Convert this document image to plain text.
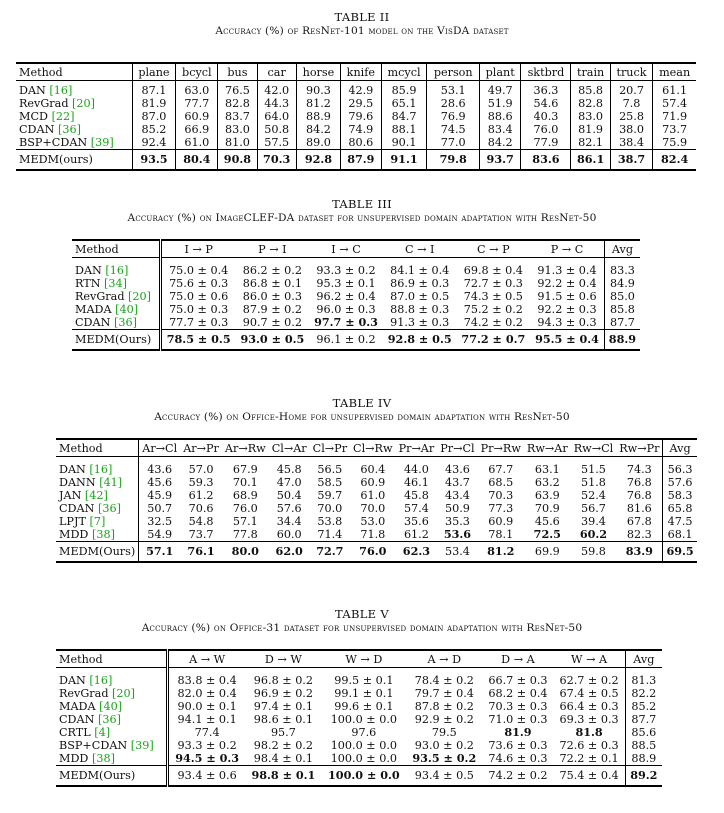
TABLE II
Accuracy (%) of ResNet-101 model on the VisDA dataset
Method	plane	bcycl	bus	car	horse	knife	mcycl	person	plant	sktbrd	train	truck	mean
DAN [16]	87.1	63.0	76.5	42.0	90.3	42.9	85.9	53.1	49.7	36.3	85.8	20.7	61.1
RevGrad [20]	81.9	77.7	82.8	44.3	81.2	29.5	65.1	28.6	51.9	54.6	82.8	7.8	57.4
MCD [22]	87.0	60.9	83.7	64.0	88.9	79.6	84.7	76.9	88.6	40.3	83.0	25.8	71.9
CDAN [36]	85.2	66.9	83.0	50.8	84.2	74.9	88.1	74.5	83.4	76.0	81.9	38.0	73.7
BSP+CDAN [39]	92.4	61.0	81.0	57.5	89.0	80.6	90.1	77.0	84.2	77.9	82.1	38.4	75.9
MEDM(ours)	93.5	80.4	90.8	70.3	92.8	87.9	91.1	79.8	93.7	83.6	86.1	38.7	82.4
TABLE III
Accuracy (%) on ImageCLEF-DA dataset for unsupervised domain adaptation with ResNet-50
Method	I → P	P → I	I → C	C → I	C → P	P → C	Avg
DAN [16]	75.0 ± 0.4	86.2 ± 0.2	93.3 ± 0.2	84.1 ± 0.4	69.8 ± 0.4	91.3 ± 0.4	83.3
RTN [34]	75.6 ± 0.3	86.8 ± 0.1	95.3 ± 0.1	86.9 ± 0.3	72.7 ± 0.3	92.2 ± 0.4	84.9
RevGrad [20]	75.0 ± 0.6	86.0 ± 0.3	96.2 ± 0.4	87.0 ± 0.5	74.3 ± 0.5	91.5 ± 0.6	85.0
MADA [40]	75.0 ± 0.3	87.9 ± 0.2	96.0 ± 0.3	88.8 ± 0.3	75.2 ± 0.2	92.2 ± 0.3	85.8
CDAN [36]	77.7 ± 0.3	90.7 ± 0.2	97.7 ± 0.3	91.3 ± 0.3	74.2 ± 0.2	94.3 ± 0.3	87.7
MEDM(Ours)	78.5 ± 0.5	93.0 ± 0.5	96.1 ± 0.2	92.8 ± 0.5	77.2 ± 0.7	95.5 ± 0.4	88.9
TABLE IV
Accuracy (%) on Office-Home for unsupervised domain adaptation with ResNet-50
Method	Ar→Cl	Ar→Pr	Ar→Rw	Cl→Ar	Cl→Pr	Cl→Rw	Pr→Ar	Pr→Cl	Pr→Rw	Rw→Ar	Rw→Cl	Rw→Pr	Avg
DAN [16]	43.6	57.0	67.9	45.8	56.5	60.4	44.0	43.6	67.7	63.1	51.5	74.3	56.3
DANN [41]	45.6	59.3	70.1	47.0	58.5	60.9	46.1	43.7	68.5	63.2	51.8	76.8	57.6
JAN [42]	45.9	61.2	68.9	50.4	59.7	61.0	45.8	43.4	70.3	63.9	52.4	76.8	58.3
CDAN [36]	50.7	70.6	76.0	57.6	70.0	70.0	57.4	50.9	77.3	70.9	56.7	81.6	65.8
LPJT [7]	32.5	54.8	57.1	34.4	53.8	53.0	35.6	35.3	60.9	45.6	39.4	67.8	47.5
MDD [38]	54.9	73.7	77.8	60.0	71.4	71.8	61.2	53.6	78.1	72.5	60.2	82.3	68.1
MEDM(Ours)	57.1	76.1	80.0	62.0	72.7	76.0	62.3	53.4	81.2	69.9	59.8	83.9	69.5
TABLE V
Accuracy (%) on Office-31 dataset for unsupervised domain adaptation with ResNet-50
Method	A → W	D → W	W → D	A → D	D → A	W → A	Avg
DAN [16]	83.8 ± 0.4	96.8 ± 0.2	99.5 ± 0.1	78.4 ± 0.2	66.7 ± 0.3	62.7 ± 0.2	81.3
RevGrad [20]	82.0 ± 0.4	96.9 ± 0.2	99.1 ± 0.1	79.7 ± 0.4	68.2 ± 0.4	67.4 ± 0.5	82.2
MADA [40]	90.0 ± 0.1	97.4 ± 0.1	99.6 ± 0.1	87.8 ± 0.2	70.3 ± 0.3	66.4 ± 0.3	85.2
CDAN [36]	94.1 ± 0.1	98.6 ± 0.1	100.0 ± 0.0	92.9 ± 0.2	71.0 ± 0.3	69.3 ± 0.3	87.7
CRTL [4]	77.4	95.7	97.6	79.5	81.9	81.8	85.6
BSP+CDAN [39]	93.3 ± 0.2	98.2 ± 0.2	100.0 ± 0.0	93.0 ± 0.2	73.6 ± 0.3	72.6 ± 0.3	88.5
MDD [38]	94.5 ± 0.3	98.4 ± 0.1	100.0 ± 0.0	93.5 ± 0.2	74.6 ± 0.3	72.2 ± 0.1	88.9
MEDM(Ours)	93.4 ± 0.6	98.8 ± 0.1	100.0 ± 0.0	93.4 ± 0.5	74.2 ± 0.2	75.4 ± 0.4	89.2
